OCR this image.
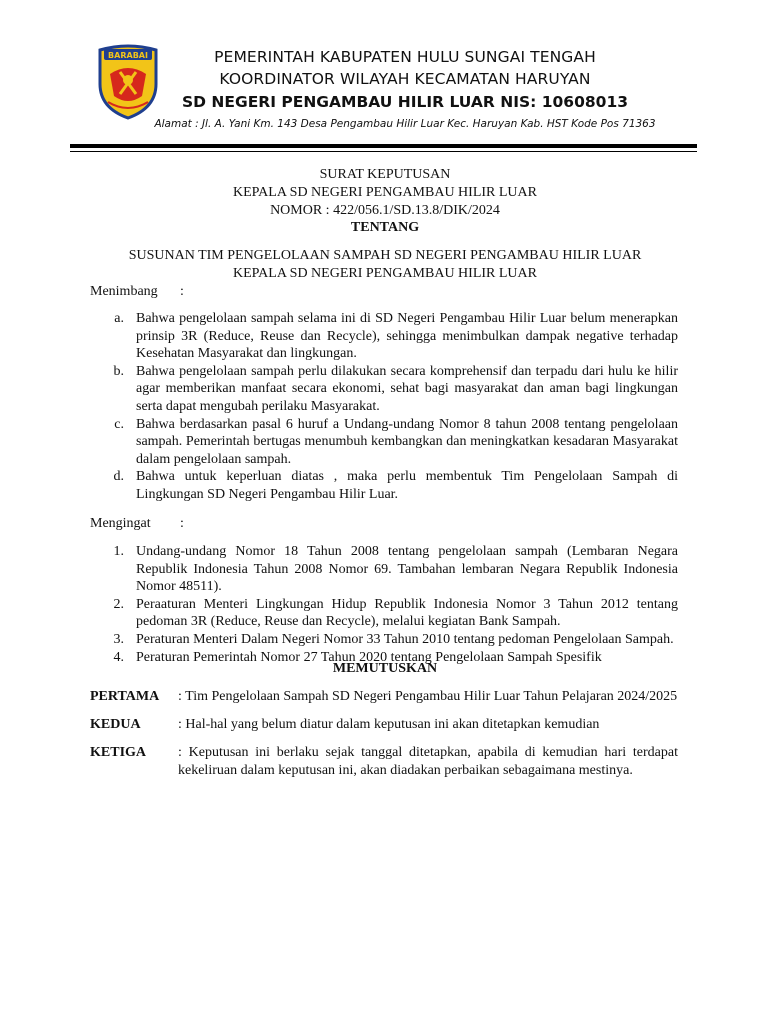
BARABAI	PEMERINTAH KABUPATEN HULU SUNGAI TENGAH
KOORDINATOR WILAYAH KECAMATAN HARUYAN
SD NEGERI PENGAMBAU HILIR LUAR NIS: 10608013
Alamat : Jl. A. Yani Km. 143 Desa Pengambau Hilir Luar Kec. Haruyan Kab. HST Kode Pos 71363
SURAT KEPUTUSAN
KEPALA SD NEGERI PENGAMBAU HILIR LUAR
NOMOR : 422/056.1/SD.13.8/DIK/2024
TENTANG
SUSUNAN TIM PENGELOLAAN SAMPAH SD NEGERI PENGAMBAU HILIR LUAR
KEPALA SD NEGERI PENGAMBAU HILIR LUAR
Menimbang :
a. Bahwa pengelolaan sampah selama ini di SD Negeri Pengambau Hilir Luar belum menerapkan prinsip 3R (Reduce, Reuse dan Recycle), sehingga menimbulkan dampak negative terhadap Kesehatan Masyarakat dan lingkungan.
b. Bahwa pengelolaan sampah perlu dilakukan secara komprehensif dan terpadu dari hulu ke hilir agar memberikan manfaat secara ekonomi, sehat bagi masyarakat dan aman bagi lingkungan serta dapat mengubah perilaku Masyarakat.
c. Bahwa berdasarkan pasal 6 huruf a Undang-undang Nomor 8 tahun 2008 tentang pengelolaan sampah. Pemerintah bertugas menumbuh kembangkan dan meningkatkan kesadaran Masyarakat dalam pengelolaan sampah.
d. Bahwa untuk keperluan diatas , maka perlu membentuk Tim Pengelolaan Sampah di Lingkungan SD Negeri Pengambau Hilir Luar.
Mengingat :
1. Undang-undang Nomor 18 Tahun 2008 tentang pengelolaan sampah (Lembaran Negara Republik Indonesia Tahun 2008 Nomor 69. Tambahan lembaran Negara Republik Indonesia Nomor 48511).
2. Peraaturan Menteri Lingkungan Hidup Republik Indonesia Nomor 3 Tahun 2012 tentang pedoman 3R (Reduce, Reuse dan Recycle), melalui kegiatan Bank Sampah.
3. Peraturan Menteri Dalam Negeri Nomor 33 Tahun 2010 tentang pedoman Pengelolaan Sampah.
4. Peraturan Pemerintah Nomor 27 Tahun 2020 tentang Pengelolaan Sampah Spesifik
MEMUTUSKAN
PERTAMA	: Tim Pengelolaan Sampah SD Negeri Pengambau Hilir Luar Tahun Pelajaran 2024/2025
KEDUA	: Hal-hal yang belum diatur dalam keputusan ini akan ditetapkan kemudian
KETIGA	: Keputusan ini berlaku sejak tanggal ditetapkan, apabila di kemudian hari terdapat kekeliruan dalam keputusan ini, akan diadakan perbaikan sebagaimana mestinya.
